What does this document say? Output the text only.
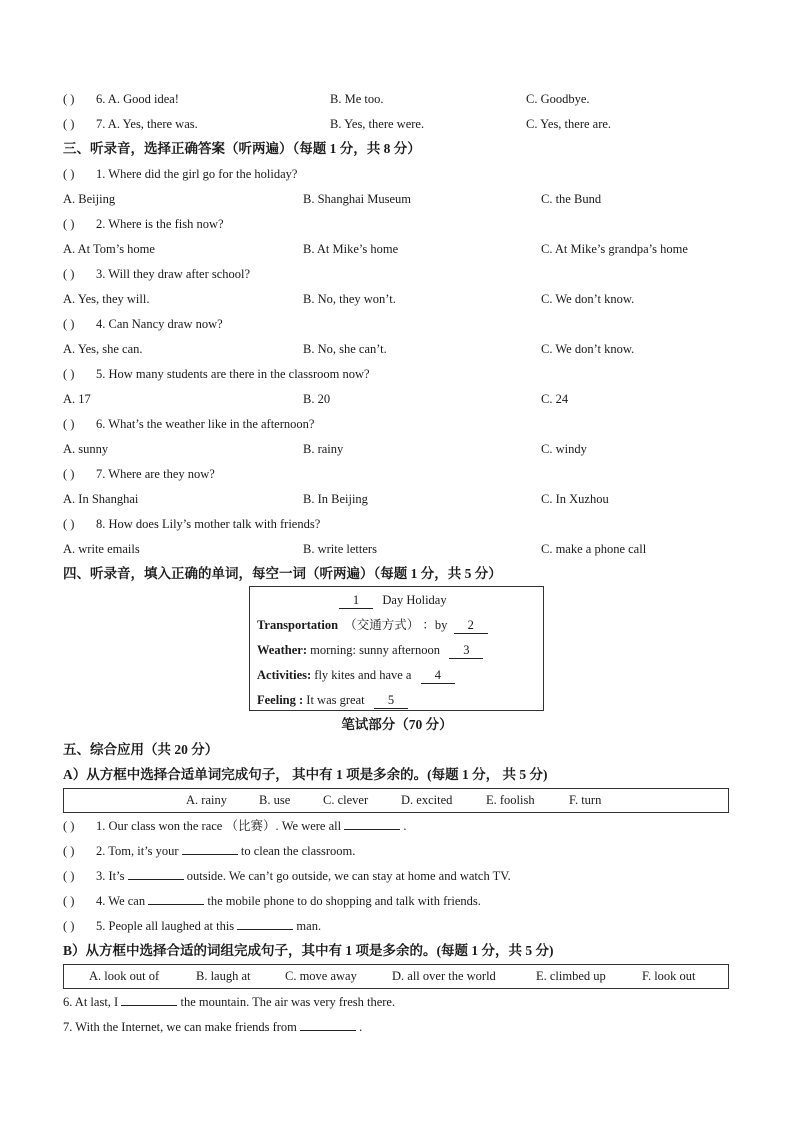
( ) 6. A. Good idea!	B. Me too.	C. Goodbye.
( ) 7. A. Yes, there was.	B. Yes, there were.	C. Yes, there are.
三、听录音，选择正确答案（听两遍）（每题 1 分，共 8 分）
( ) 1. Where did the girl go for the holiday?
A. Beijing	B. Shanghai Museum	C. the Bund
( ) 2. Where is the fish now?
A. At Tom’s home	B. At Mike’s home	C. At Mike’s grandpa’s home
( ) 3. Will they draw after school?
A. Yes, they will.	B. No, they won’t.	C. We don’t know.
( ) 4. Can Nancy draw now?
A. Yes, she can.	B. No, she can’t.	C. We don’t know.
( ) 5. How many students are there in the classroom now?
A. 17	B. 20	C. 24
( ) 6. What’s the weather like in the afternoon?
A. sunny	B. rainy	C. windy
( ) 7. Where are they now?
A. In Shanghai	B. In Beijing	C. In Xuzhou
( ) 8. How does Lily’s mother talk with friends?
A. write emails	B. write letters	C. make a phone call
四、听录音，填入正确的单词，每空一词（听两遍）（每题 1 分，共 5 分）
1 Day Holiday
Transportation （交通方式） ：by 2
Weather: morning: sunny afternoon 3
Activities: fly kites and have a 4
Feeling : It was great 5
笔试部分（70 分）
五、综合应用（共 20 分）
A）从方框中选择合适单词完成句子， 其中有 1 项是多余的。(每题 1 分， 共 5 分)
A. rainy	B. use	C. clever	D. excited	E. foolish	F. turn
( ) 1. Our class won the race （比赛）. We were all	.
( ) 2. Tom, it’s your	to clean the classroom.
( ) 3. It’s	outside. We can’t go outside, we can stay at home and watch TV.
( ) 4. We can	the mobile phone to do shopping and talk with friends.
( ) 5. People all laughed at this	man.
B）从方框中选择合适的词组完成句子，其中有 1 项是多余的。(每题 1 分，共 5 分)
A. look out of	B. laugh at	C. move away	D. all over the world	E. climbed up	F. look out
6. At last, I	the mountain. The air was very fresh there.
7. With the Internet, we can make friends from	.
